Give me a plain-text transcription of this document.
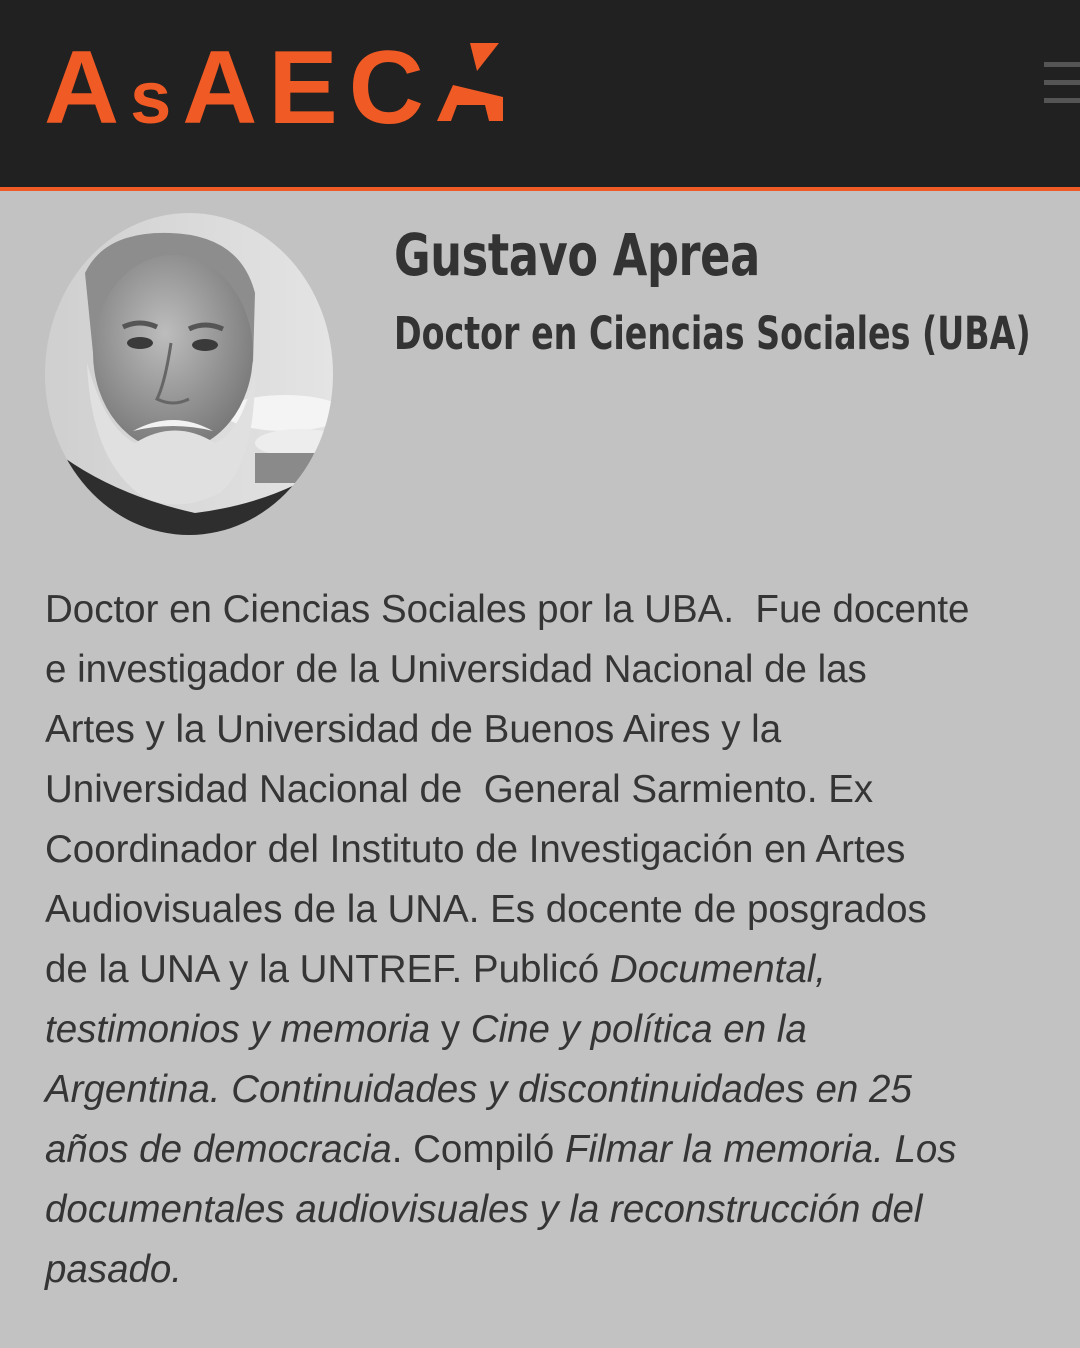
AsAEC
Gustavo Aprea
Doctor en Ciencias Sociales (UBA)

Doctor en Ciencias Sociales por la UBA.  Fue docente
e investigador de la Universidad Nacional de las
Artes y la Universidad de Buenos Aires y la
Universidad Nacional de  General Sarmiento. Ex
Coordinador del Instituto de Investigación en Artes
Audiovisuales de la UNA. Es docente de posgrados
de la UNA y la UNTREF. Publicó Documental,
testimonios y memoria y Cine y política en la
Argentina. Continuidades y discontinuidades en 25
años de democracia. Compiló Filmar la memoria. Los
documentales audiovisuales y la reconstrucción del
pasado.
